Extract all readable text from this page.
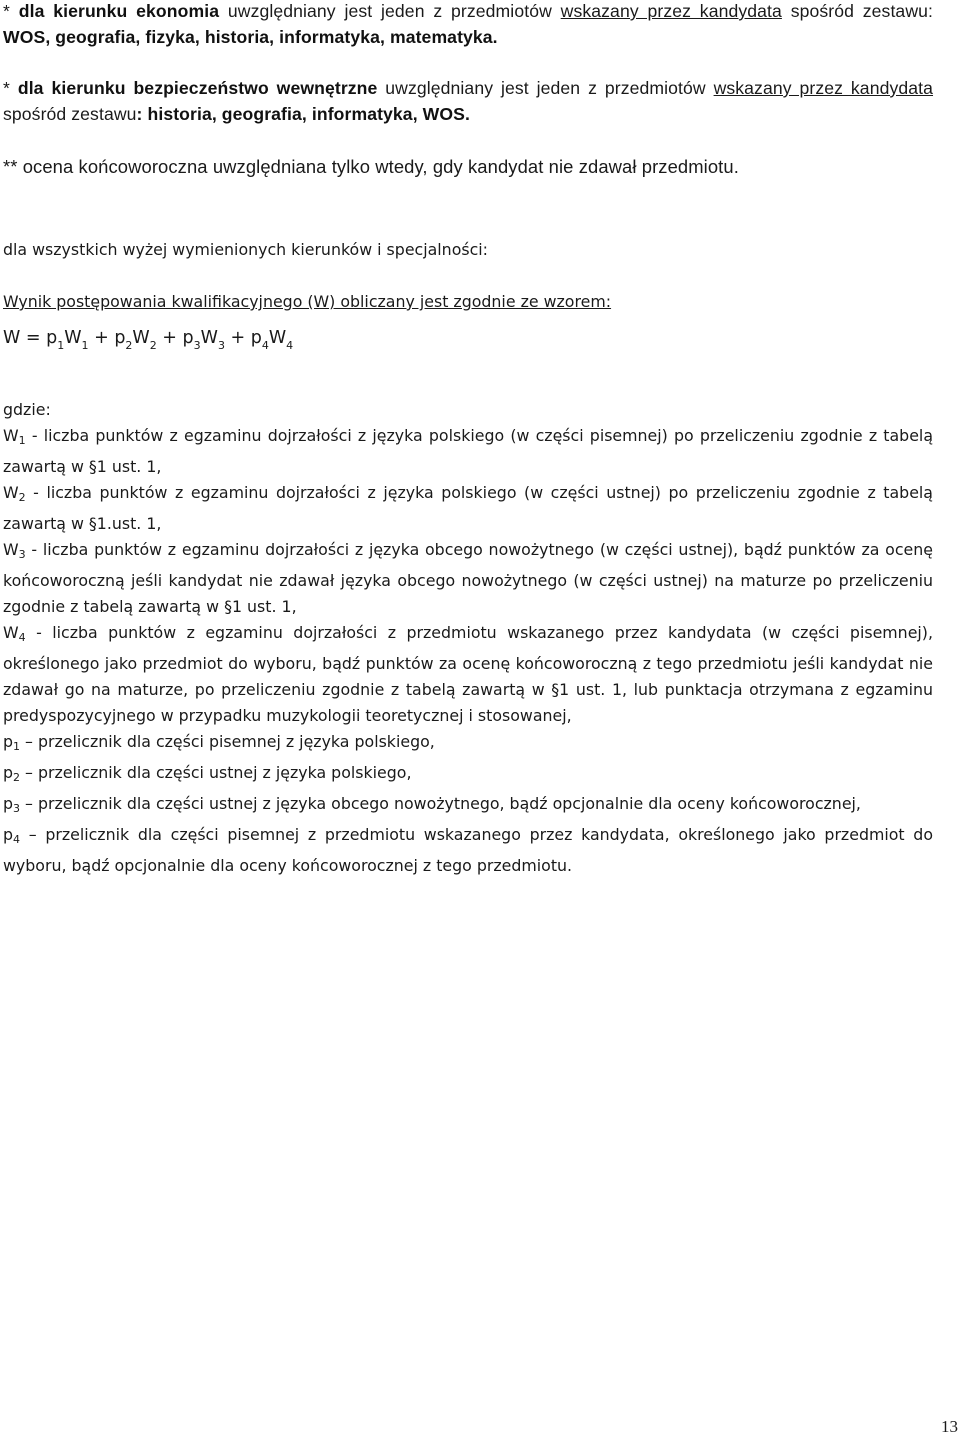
* dla kierunku ekonomia uwzględniany jest jeden z przedmiotów wskazany przez kandydata spośród zestawu: WOS, geografia, fizyka, historia, informatyka, matematyka.

* dla kierunku bezpieczeństwo wewnętrzne uwzględniany jest jeden z przedmiotów wskazany przez kandydata spośród zestawu: historia, geografia, informatyka, WOS.

** ocena końcoworoczna uwzględniana tylko wtedy, gdy kandydat nie zdawał przedmiotu.

dla wszystkich wyżej wymienionych kierunków i specjalności:

Wynik postępowania kwalifikacyjnego (W) obliczany jest zgodnie ze wzorem:

$W = p_1W_1 + p_2W_2 + p_3W_3 + p_4W_4$

gdzie:

$W_1$ - liczba punktów z egzaminu dojrzałości z języka polskiego (w części pisemnej) po przeliczeniu zgodnie z tabelą zawartą w §1 ust. 1,

$W_2$ - liczba punktów z egzaminu dojrzałości z języka polskiego (w części ustnej) po przeliczeniu zgodnie z tabelą zawartą w §1.ust. 1,

$W_3$ - liczba punktów z egzaminu dojrzałości z języka obcego nowożytnego (w części ustnej), bądź punktów za ocenę końcoworoczną jeśli kandydat nie zdawał języka obcego nowożytnego (w części ustnej) na maturze po przeliczeniu zgodnie z tabelą zawartą w §1 ust. 1,

$W_4$ - liczba punktów z egzaminu dojrzałości z przedmiotu wskazanego przez kandydata (w części pisemnej), określonego jako przedmiot do wyboru, bądź punktów za ocenę końcoworoczną z tego przedmiotu jeśli kandydat nie zdawał go na maturze, po przeliczeniu zgodnie z tabelą zawartą w §1 ust. 1, lub punktacja otrzymana z egzaminu predyspozycyjnego w przypadku muzykologii teoretycznej i stosowanej,

$p_1$ – przelicznik dla części pisemnej z języka polskiego,

$p_2$ – przelicznik dla części ustnej z języka polskiego,

$p_3$ – przelicznik dla części ustnej z języka obcego nowożytnego, bądź opcjonalnie dla oceny końcoworocznej,

$p_4$ – przelicznik dla części pisemnej z przedmiotu wskazanego przez kandydata, określonego jako przedmiot do wyboru, bądź opcjonalnie dla oceny końcoworocznej z tego przedmiotu.

13
